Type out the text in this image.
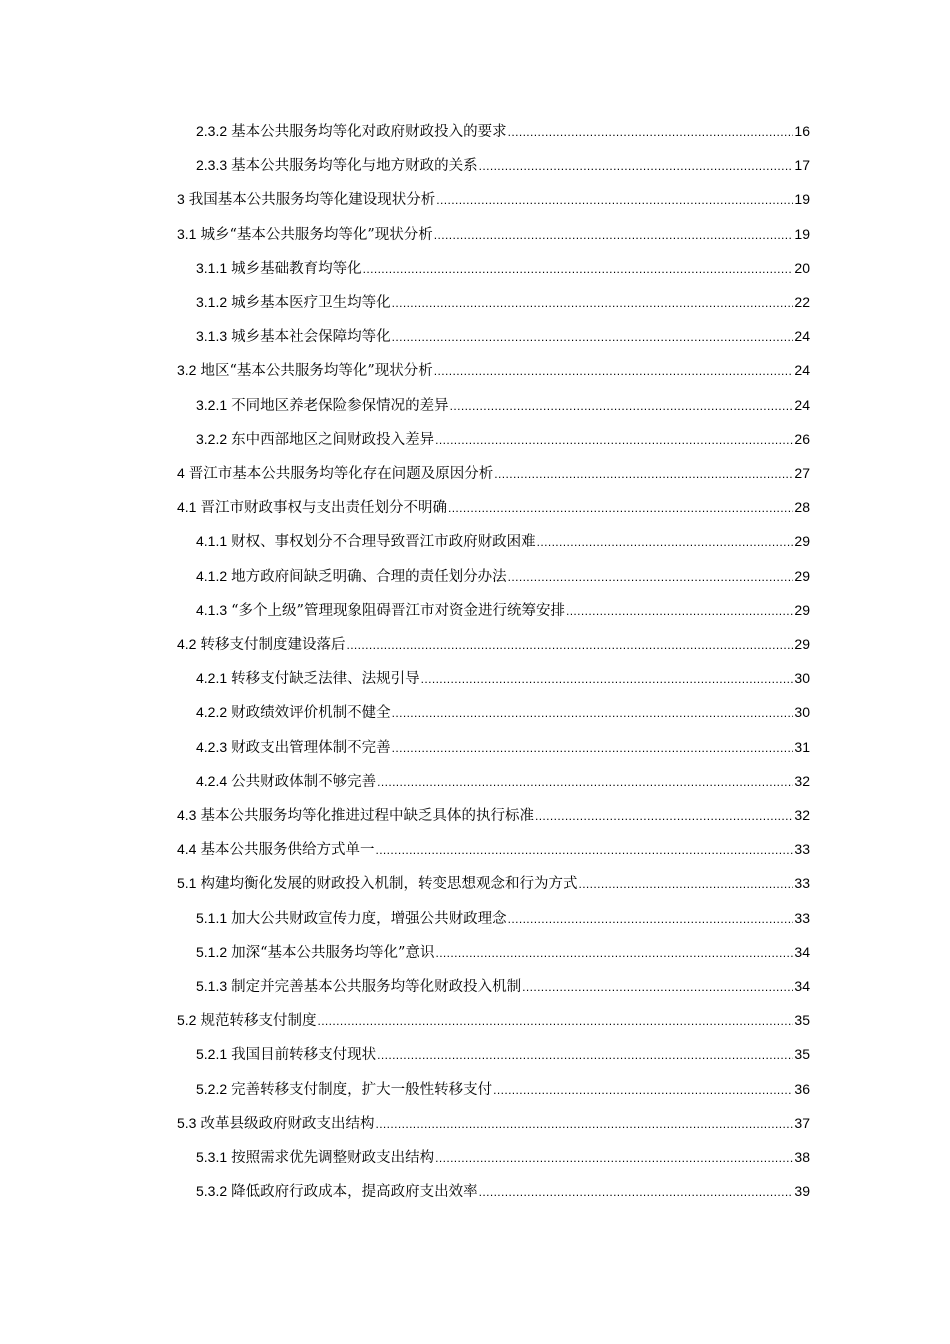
2.3.2 基本公共服务均等化对政府财政投入的要求 .....	16
2.3.3 基本公共服务均等化与地方财政的关系 .....	17
3 我国基本公共服务均等化建设现状分析 .....	19
3.1 城乡“基本公共服务均等化”现状分析 .....	19
3.1.1 城乡基础教育均等化 .....	20
3.1.2 城乡基本医疗卫生均等化 .....	22
3.1.3 城乡基本社会保障均等化 .....	24
3.2 地区“基本公共服务均等化”现状分析 .....	24
3.2.1 不同地区养老保险参保情况的差异 .....	24
3.2.2 东中西部地区之间财政投入差异 .....	26
4 晋江市基本公共服务均等化存在问题及原因分析 .....	27
4.1 晋江市财政事权与支出责任划分不明确 .....	28
4.1.1 财权、事权划分不合理导致晋江市政府财政困难 .....	29
4.1.2 地方政府间缺乏明确、合理的责任划分办法 .....	29
4.1.3 “多个上级”管理现象阻碍晋江市对资金进行统筹安排 .....	29
4.2 转移支付制度建设落后 .....	29
4.2.1 转移支付缺乏法律、法规引导 .....	30
4.2.2 财政绩效评价机制不健全 .....	30
4.2.3 财政支出管理体制不完善 .....	31
4.2.4 公共财政体制不够完善 .....	32
4.3 基本公共服务均等化推进过程中缺乏具体的执行标准 .....	32
4.4 基本公共服务供给方式单一 .....	33
5.1 构建均衡化发展的财政投入机制，转变思想观念和行为方式 .....	33
5.1.1 加大公共财政宣传力度，增强公共财政理念 .....	33
5.1.2 加深“基本公共服务均等化”意识 .....	34
5.1.3 制定并完善基本公共服务均等化财政投入机制 .....	34
5.2 规范转移支付制度 .....	35
5.2.1 我国目前转移支付现状 .....	35
5.2.2 完善转移支付制度，扩大一般性转移支付 .....	36
5.3 改革县级政府财政支出结构 .....	37
5.3.1 按照需求优先调整财政支出结构 .....	38
5.3.2 降低政府行政成本，提高政府支出效率 .....	39
